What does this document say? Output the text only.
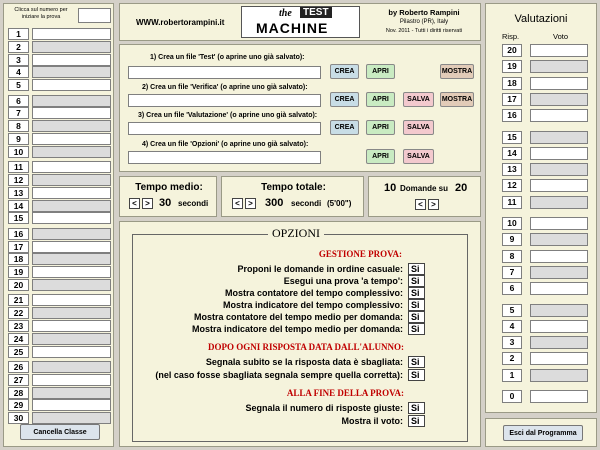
Clicca sul numero per iniziare la prova
Cancella Classe
1
2
3
4
5
6
7
8
9
10
11
12
13
14
15
16
17
18
19
20
21
22
23
24
25
26
27
28
29
30
WWW.robertorampini.it
the	TEST
MACHINE
by Roberto Rampini
Pilastro (PR), Italy
Nov. 2011 - Tutti i diritti riservati
1) Crea un file 'Test' (o aprine uno già salvato):
CREA	APRI	MOSTRA
2) Crea un file 'Verifica' (o aprine uno già salvato):
CREA	APRI	SALVA	MOSTRA
3) Crea un file 'Valutazione' (o aprine uno già salvato):
CREA	APRI	SALVA
4) Crea un file 'Opzioni' (o aprine uno già salvato):
APRI	SALVA
Tempo medio:
<	> 30 secondi
Tempo totale:
<	> 300 secondi (5'00")
10 Domande su 20
<	>
OPZIONI
GESTIONE PROVA:
Proponi le domande in ordine casuale: Si
Esegui una prova 'a tempo': Si
Mostra contatore del tempo complessivo: Si
Mostra indicatore del tempo complessivo: Si
Mostra contatore del tempo medio per domanda: Si
Mostra indicatore del tempo medio per domanda: Si
DOPO OGNI RISPOSTA DATA DALL'ALUNNO:
Segnala subito se la risposta data è sbagliata: Si
(nel caso fosse sbagliata segnala sempre quella corretta): Si
ALLA FINE DELLA PROVA:
Segnala il numero di risposte giuste: Si
Mostra il voto: Si
Valutazioni
Risp.	Voto
20
19
18
17
16
15
14
13
12
11
10
9
8
7
6
5
4
3
2
1
0
Esci dal Programma
